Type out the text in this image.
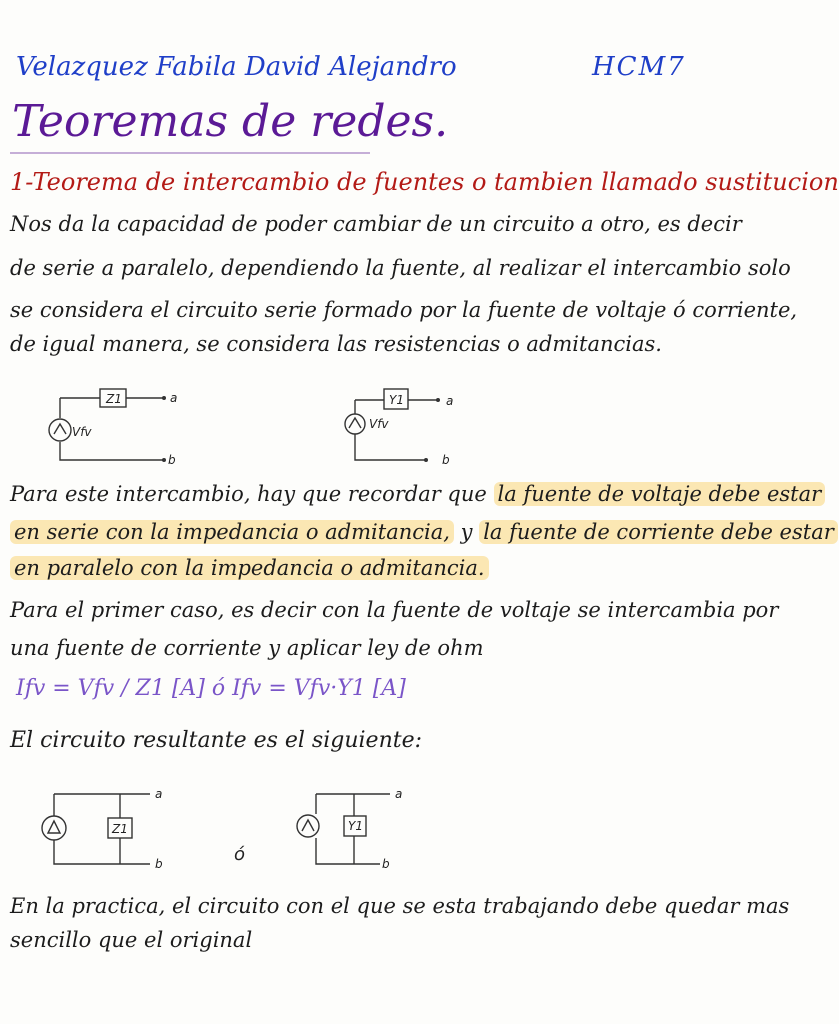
Velazquez Fabila David Alejandro	HCM7
Teoremas de redes.
1-Teorema de intercambio de fuentes o tambien llamado sustitucion
Nos da la capacidad de poder cambiar de un circuito a otro, es decir
de serie a paralelo, dependiendo la fuente, al realizar el intercambio solo
se considera el circuito serie formado por la fuente de voltaje ó corriente,
de igual manera, se considera las resistencias o admitancias.
Z1
Vfv
a
b
Y1
Vfv
a
b
Para este intercambio, hay que recordar que la fuente de voltaje debe estar
en serie con la impedancia o admitancia, y la fuente de corriente debe estar
en paralelo con la impedancia o admitancia.
Para el primer caso, es decir con la fuente de voltaje se intercambia por
una fuente de corriente y aplicar ley de ohm
Ifv = Vfv / Z1 [A] ó Ifv = Vfv·Y1 [A]
El circuito resultante es el siguiente:
Z1
a
b
Y1
a
b
ó
En la practica, el circuito con el que se esta trabajando debe quedar mas
sencillo que el original
